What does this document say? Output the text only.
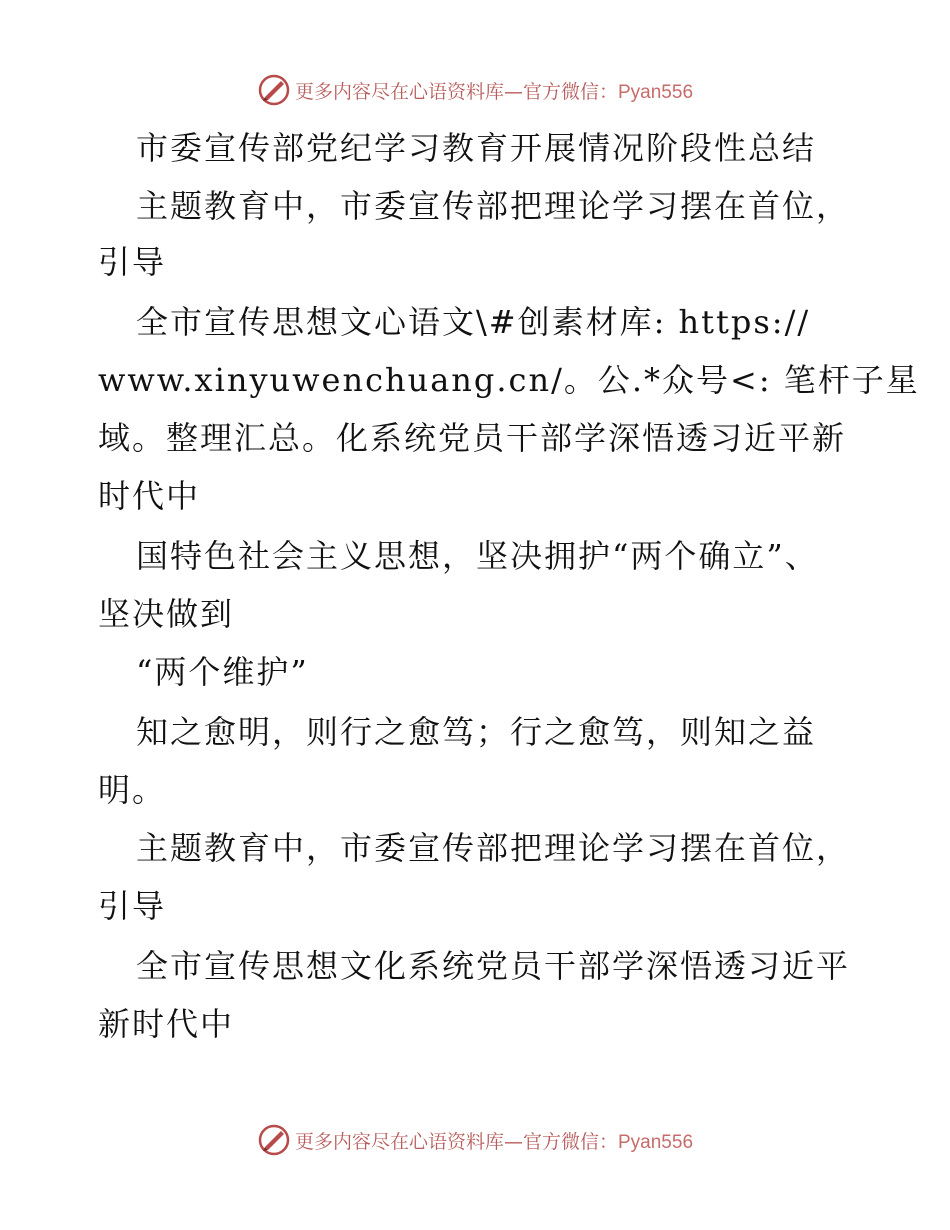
更多内容尽在心语资料库—官方微信：Pyan556
市委宣传部党纪学习教育开展情况阶段性总结
主题教育中，市委宣传部把理论学习摆在首位，
引导
全市宣传思想文心语文\#创素材库: https://
www.xinyuwenchuang.cn/。公.*众号<: 笔杆子星
域。整理汇总。化系统党员干部学深悟透习近平新
时代中
国特色社会主义思想，坚决拥护“两个确立”、
坚决做到
“两个维护”
知之愈明，则行之愈笃；行之愈笃，则知之益
明。
主题教育中，市委宣传部把理论学习摆在首位，
引导
全市宣传思想文化系统党员干部学深悟透习近平
新时代中
更多内容尽在心语资料库—官方微信：Pyan556
